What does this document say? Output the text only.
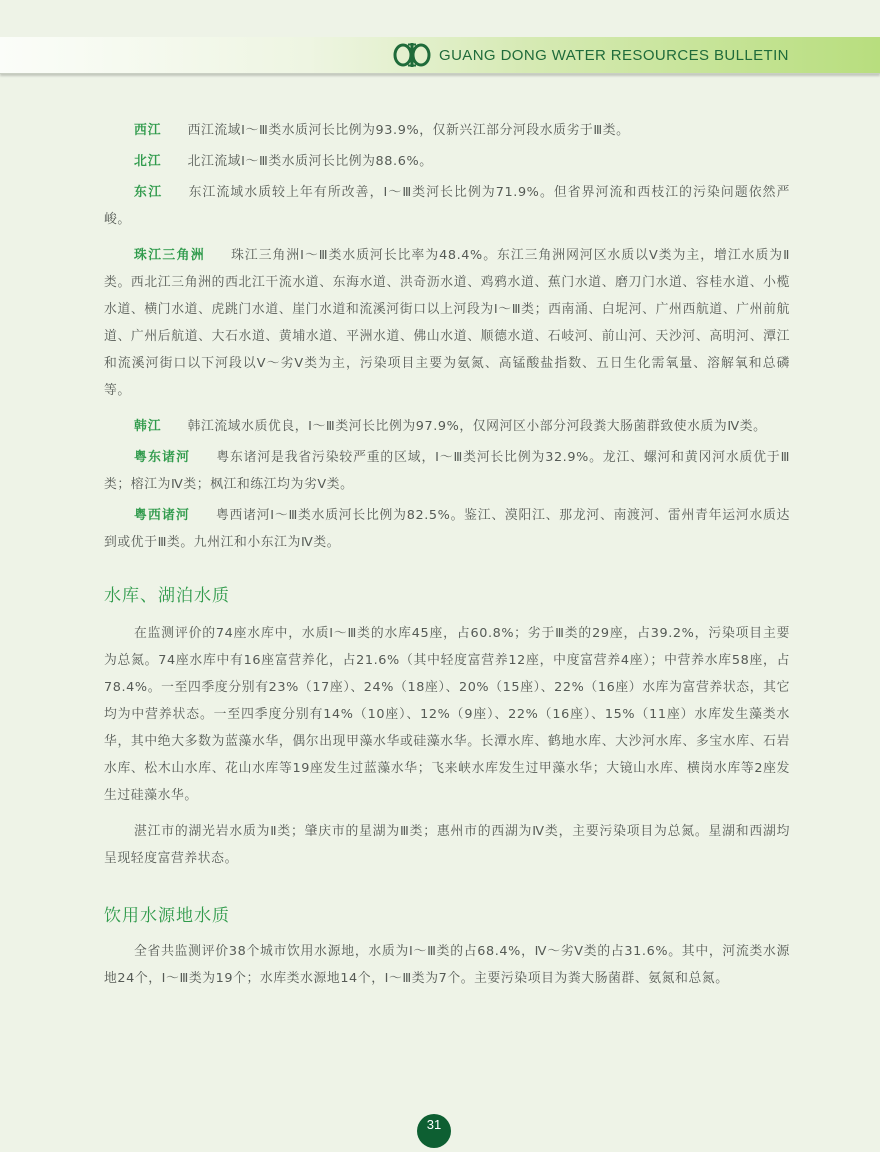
GUANG DONG WATER RESOURCES BULLETIN

西江 西江流域Ⅰ～Ⅲ类水质河长比例为93.9%，仅新兴江部分河段水质劣于Ⅲ类。

北江 北江流域Ⅰ～Ⅲ类水质河长比例为88.6%。

东江 东江流域水质较上年有所改善，Ⅰ～Ⅲ类河长比例为71.9%。但省界河流和西枝江的污染问题依然严峻。

珠江三角洲 珠江三角洲Ⅰ～Ⅲ类水质河长比率为48.4%。东江三角洲网河区水质以Ⅴ类为主，增江水质为Ⅱ类。西北江三角洲的西北江干流水道、东海水道、洪奇沥水道、鸡鸦水道、蕉门水道、磨刀门水道、容桂水道、小榄水道、横门水道、虎跳门水道、崖门水道和流溪河街口以上河段为Ⅰ～Ⅲ类；西南涌、白坭河、广州西航道、广州前航道、广州后航道、大石水道、黄埔水道、平洲水道、佛山水道、顺德水道、石岐河、前山河、天沙河、高明河、潭江和流溪河街口以下河段以Ⅴ～劣Ⅴ类为主，污染项目主要为氨氮、高锰酸盐指数、五日生化需氧量、溶解氧和总磷等。

韩江 韩江流域水质优良，Ⅰ～Ⅲ类河长比例为97.9%，仅网河区小部分河段粪大肠菌群致使水质为Ⅳ类。

粤东诸河 粤东诸河是我省污染较严重的区域，Ⅰ～Ⅲ类河长比例为32.9%。龙江、螺河和黄冈河水质优于Ⅲ类；榕江为Ⅳ类；枫江和练江均为劣Ⅴ类。

粤西诸河 粤西诸河Ⅰ～Ⅲ类水质河长比例为82.5%。鉴江、漠阳江、那龙河、南渡河、雷州青年运河水质达到或优于Ⅲ类。九州江和小东江为Ⅳ类。

水库、湖泊水质

在监测评价的74座水库中，水质Ⅰ～Ⅲ类的水库45座，占60.8%；劣于Ⅲ类的29座，占39.2%，污染项目主要为总氮。74座水库中有16座富营养化，占21.6%（其中轻度富营养12座，中度富营养4座）；中营养水库58座，占78.4%。一至四季度分别有23%（17座）、24%（18座）、20%（15座）、22%（16座）水库为富营养状态，其它均为中营养状态。一至四季度分别有14%（10座）、12%（9座）、22%（16座）、15%（11座）水库发生藻类水华，其中绝大多数为蓝藻水华，偶尔出现甲藻水华或硅藻水华。长潭水库、鹤地水库、大沙河水库、多宝水库、石岩水库、松木山水库、花山水库等19座发生过蓝藻水华；飞来峡水库发生过甲藻水华；大镜山水库、横岗水库等2座发生过硅藻水华。

湛江市的湖光岩水质为Ⅱ类；肇庆市的星湖为Ⅲ类；惠州市的西湖为Ⅳ类，主要污染项目为总氮。星湖和西湖均呈现轻度富营养状态。

饮用水源地水质

全省共监测评价38个城市饮用水源地，水质为Ⅰ～Ⅲ类的占68.4%，Ⅳ～劣Ⅴ类的占31.6%。其中，河流类水源地24个，Ⅰ～Ⅲ类为19个；水库类水源地14个，Ⅰ～Ⅲ类为7个。主要污染项目为粪大肠菌群、氨氮和总氮。

31
